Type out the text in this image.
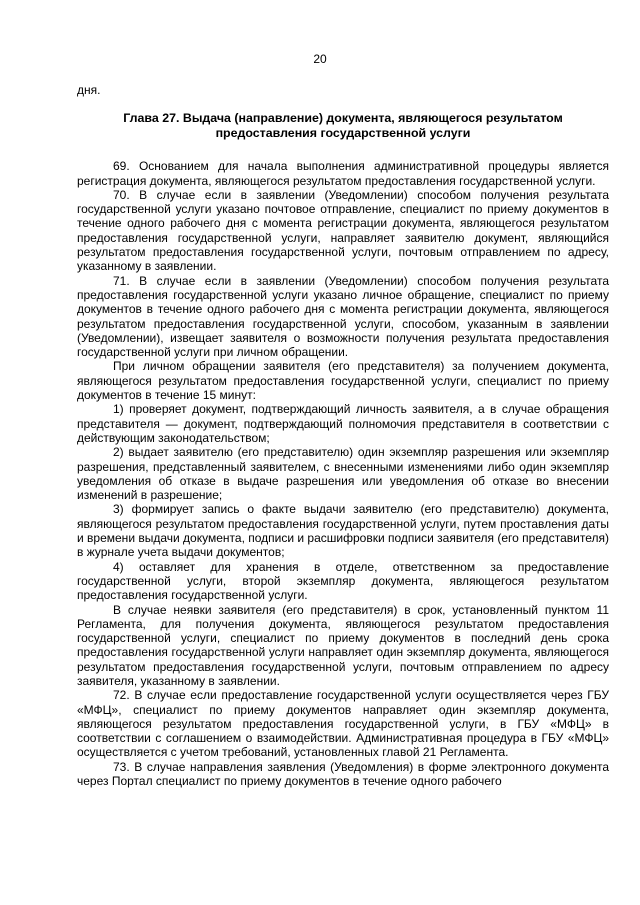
20

дня.

Глава 27. Выдача (направление) документа, являющегося результатом предоставления государственной услуги

69. Основанием для начала выполнения административной процедуры является регистрация документа, являющегося результатом предоставления государственной услуги.

70. В случае если в заявлении (Уведомлении) способом получения результата государственной услуги указано почтовое отправление, специалист по приему документов в течение одного рабочего дня с момента регистрации документа, являющегося результатом предоставления государственной услуги, направляет заявителю документ, являющийся результатом предоставления государственной услуги, почтовым отправлением по адресу, указанному в заявлении.

71. В случае если в заявлении (Уведомлении) способом получения результата предоставления государственной услуги указано личное обращение, специалист по приему документов в течение одного рабочего дня с момента регистрации документа, являющегося результатом предоставления государственной услуги, способом, указанным в заявлении (Уведомлении), извещает заявителя о возможности получения результата предоставления государственной услуги при личном обращении.

При личном обращении заявителя (его представителя) за получением документа, являющегося результатом предоставления государственной услуги, специалист по приему документов в течение 15 минут:

1) проверяет документ, подтверждающий личность заявителя, а в случае обращения представителя — документ, подтверждающий полномочия представителя в соответствии с действующим законодательством;

2) выдает заявителю (его представителю) один экземпляр разрешения или экземпляр разрешения, представленный заявителем, с внесенными изменениями либо один экземпляр уведомления об отказе в выдаче разрешения или уведомления об отказе во внесении изменений в разрешение;

3) формирует запись о факте выдачи заявителю (его представителю) документа, являющегося результатом предоставления государственной услуги, путем проставления даты и времени выдачи документа, подписи и расшифровки подписи заявителя (его представителя) в журнале учета выдачи документов;

4) оставляет для хранения в отделе, ответственном за предоставление государственной услуги, второй экземпляр документа, являющегося результатом предоставления государственной услуги.

В случае неявки заявителя (его представителя) в срок, установленный пунктом 11 Регламента, для получения документа, являющегося результатом предоставления государственной услуги, специалист по приему документов в последний день срока предоставления государственной услуги направляет один экземпляр документа, являющегося результатом предоставления государственной услуги, почтовым отправлением по адресу заявителя, указанному в заявлении.

72. В случае если предоставление государственной услуги осуществляется через ГБУ «МФЦ», специалист по приему документов направляет один экземпляр документа, являющегося результатом предоставления государственной услуги, в ГБУ «МФЦ» в соответствии с соглашением о взаимодействии. Административная процедура в ГБУ «МФЦ» осуществляется с учетом требований, установленных главой 21 Регламента.

73. В случае направления заявления (Уведомления) в форме электронного документа через Портал специалист по приему документов в течение одного рабочего
